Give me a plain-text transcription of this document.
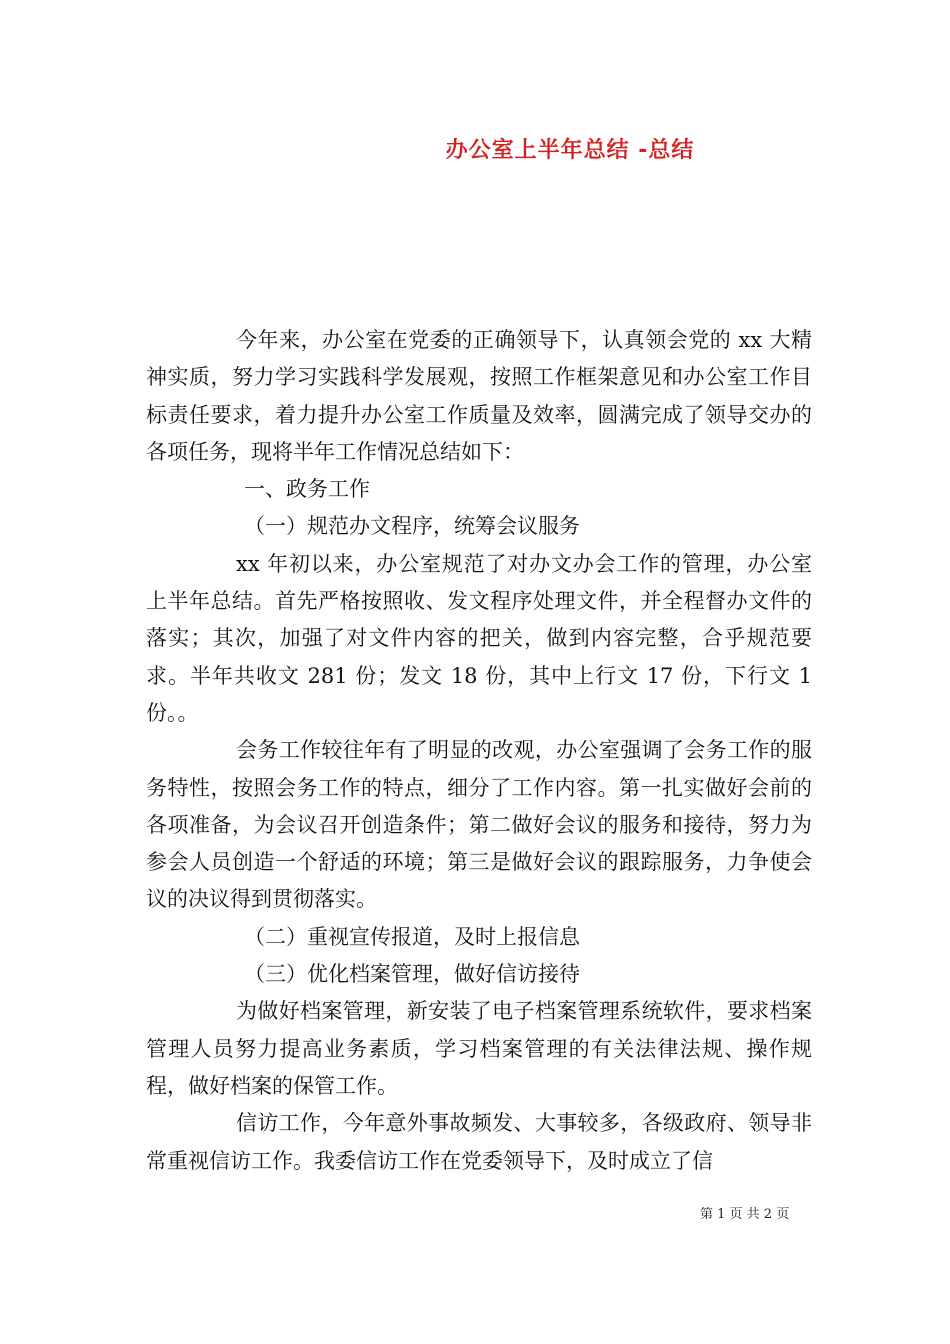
办公室上半年总结 -总结

今年来，办公室在党委的正确领导下，认真领会党的 xx 大精神实质，努力学习实践科学发展观，按照工作框架意见和办公室工作目标责任要求，着力提升办公室工作质量及效率，圆满完成了领导交办的各项任务，现将半年工作情况总结如下：

一、政务工作

（一）规范办文程序，统筹会议服务

xx 年初以来，办公室规范了对办文办会工作的管理，办公室上半年总结。首先严格按照收、发文程序处理文件，并全程督办文件的落实；其次，加强了对文件内容的把关，做到内容完整，合乎规范要求。半年共收文 281 份；发文 18 份，其中上行文 17 份，下行文 1 份。。

会务工作较往年有了明显的改观，办公室强调了会务工作的服务特性，按照会务工作的特点，细分了工作内容。第一扎实做好会前的各项准备，为会议召开创造条件；第二做好会议的服务和接待，努力为参会人员创造一个舒适的环境；第三是做好会议的跟踪服务，力争使会议的决议得到贯彻落实。

（二）重视宣传报道，及时上报信息

（三）优化档案管理，做好信访接待

为做好档案管理，新安装了电子档案管理系统软件，要求档案管理人员努力提高业务素质，学习档案管理的有关法律法规、操作规程，做好档案的保管工作。

信访工作，今年意外事故频发、大事较多，各级政府、领导非常重视信访工作。我委信访工作在党委领导下，及时成立了信

第 1 页 共 2 页
